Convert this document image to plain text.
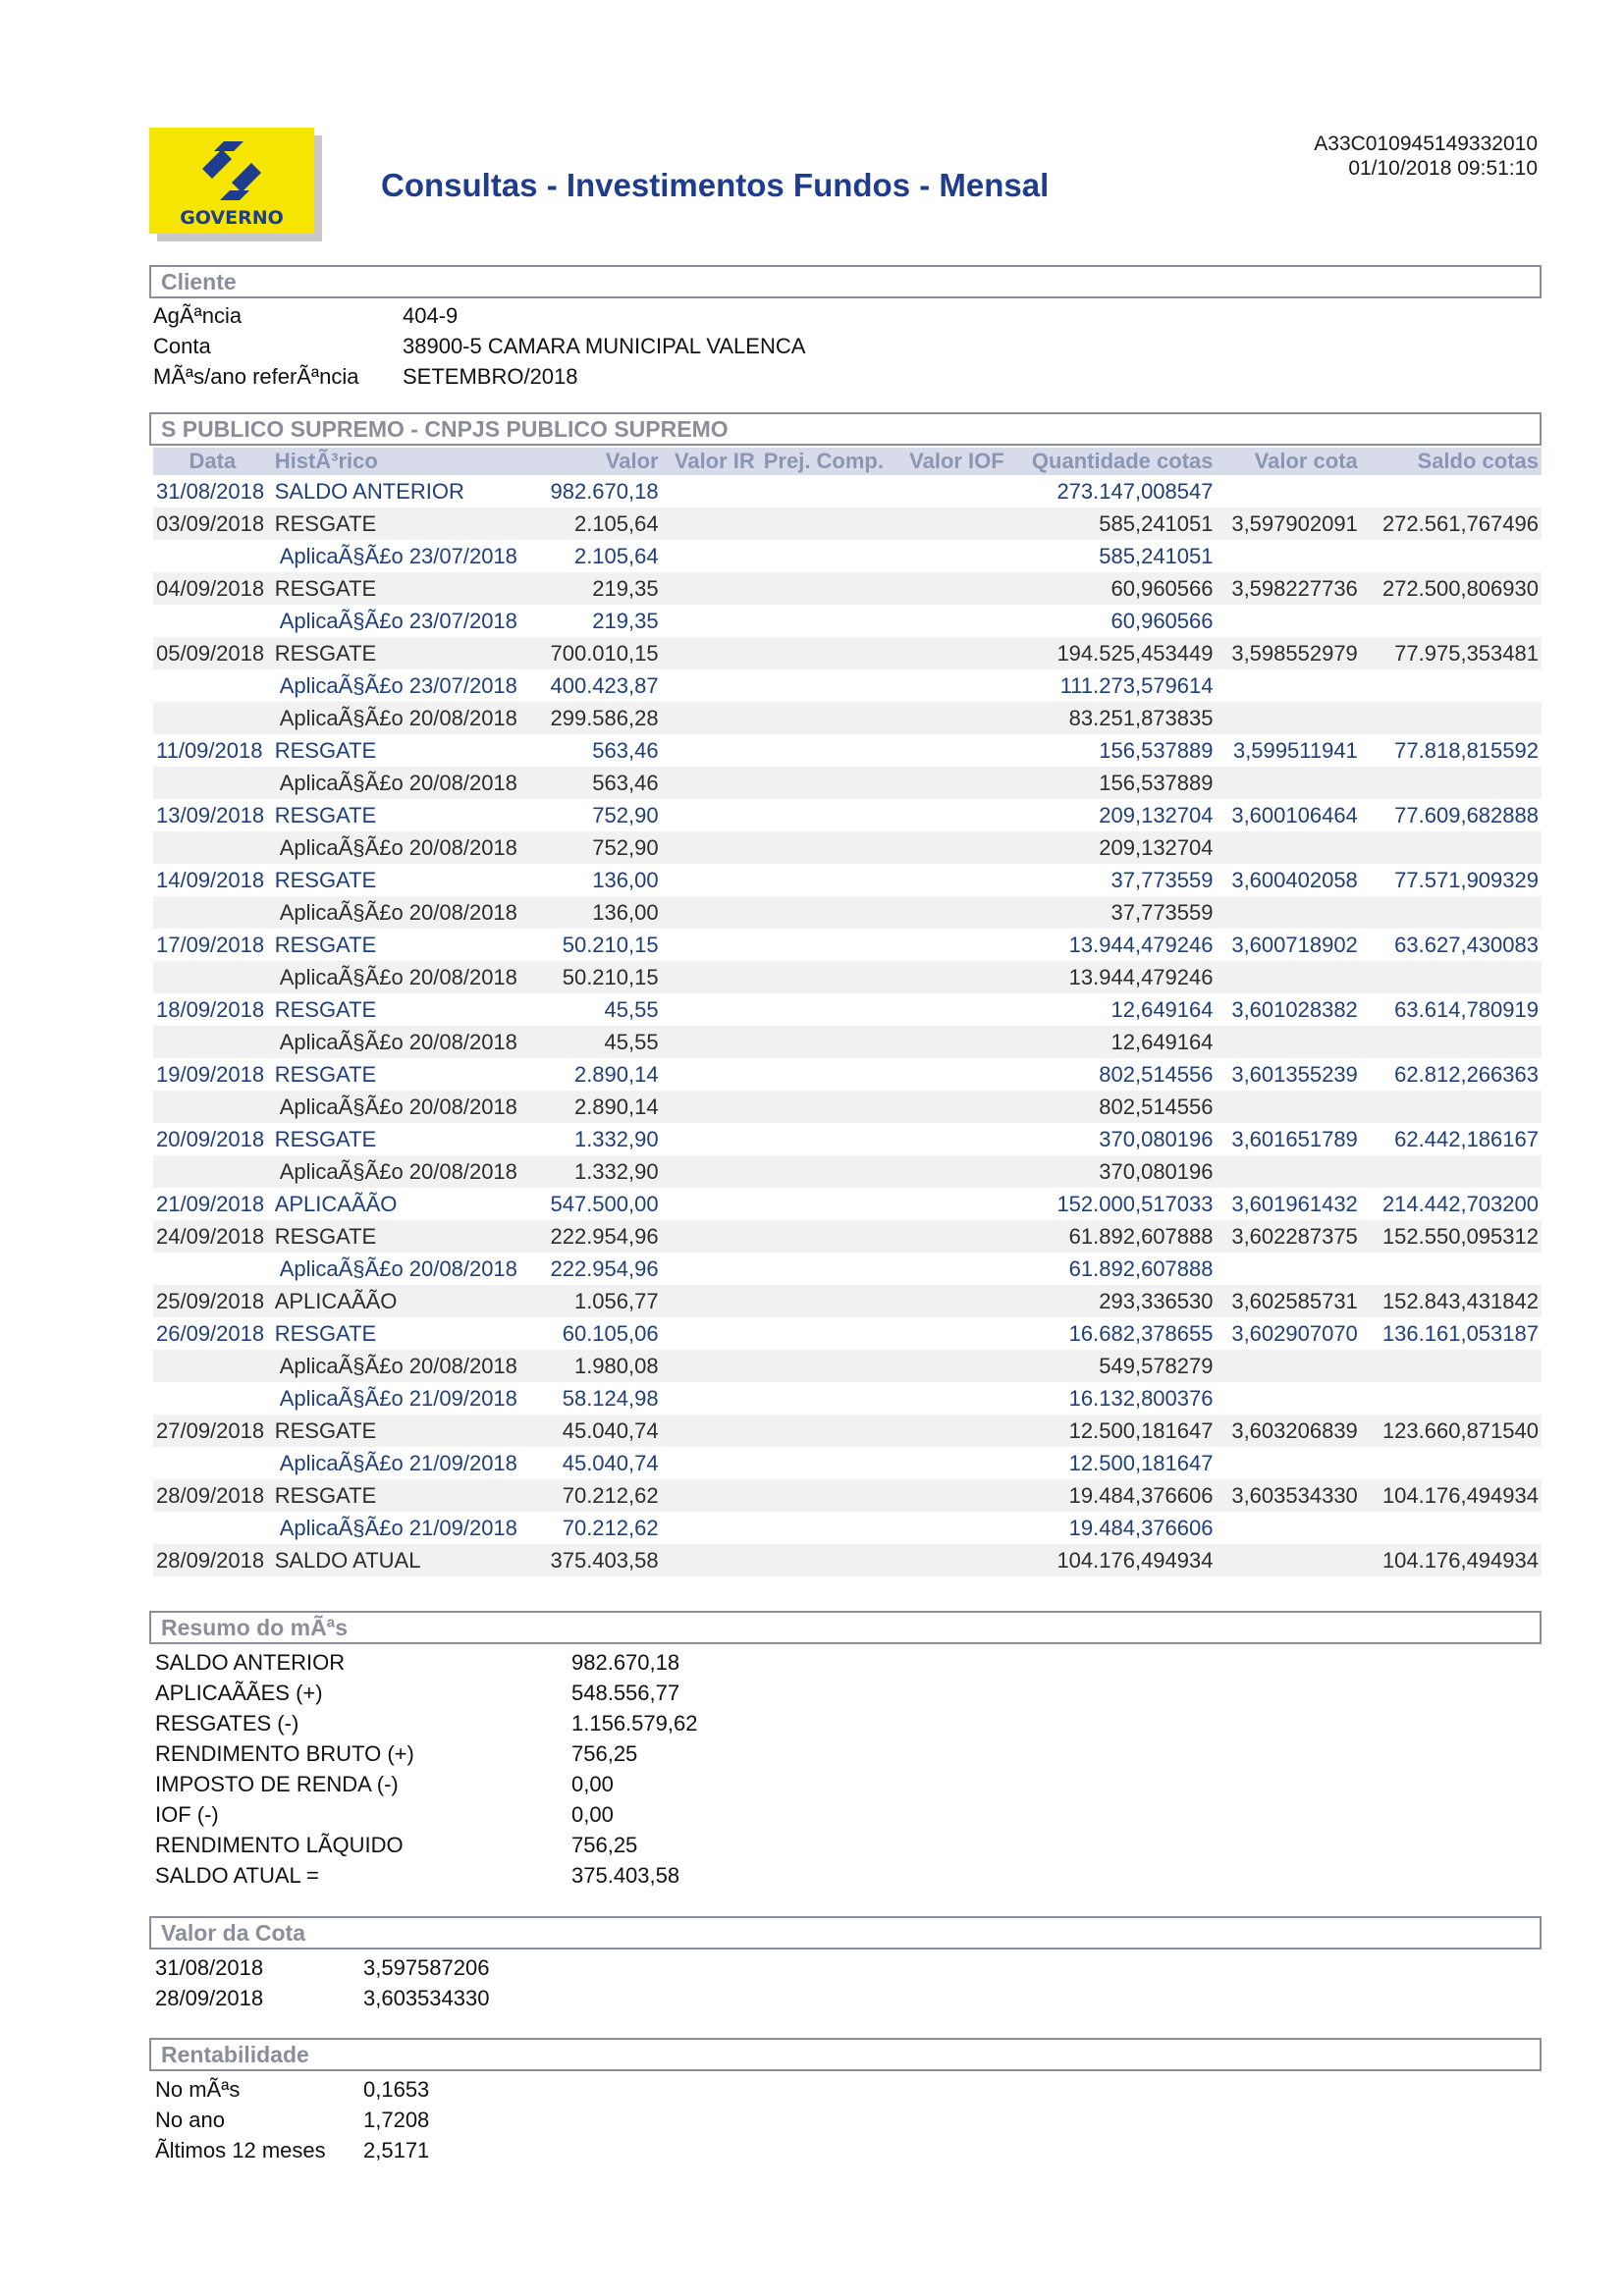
GOVERNO
Consultas - Investimentos Fundos - Mensal
A33C010945149332010
01/10/2018 09:51:10
Cliente
AgÃªncia	404-9
Conta	38900-5 CAMARA MUNICIPAL VALENCA
MÃªs/ano referÃªncia SETEMBRO/2018
S PUBLICO SUPREMO - CNPJS PUBLICO SUPREMO
Data	HistÃ³rico	Valor	Valor IR	Prej. Comp.	Valor IOF	Quantidade cotas	Valor cota	Saldo cotas
31/08/2018	SALDO ANTERIOR	982.670,18				273.147,008547		
03/09/2018	RESGATE	2.105,64				585,241051	3,597902091	272.561,767496
	AplicaÃ§Ã£o 23/07/2018	2.105,64				585,241051		
04/09/2018	RESGATE	219,35				60,960566	3,598227736	272.500,806930
	AplicaÃ§Ã£o 23/07/2018	219,35				60,960566		
05/09/2018	RESGATE	700.010,15				194.525,453449	3,598552979	77.975,353481
	AplicaÃ§Ã£o 23/07/2018	400.423,87				111.273,579614		
	AplicaÃ§Ã£o 20/08/2018	299.586,28				83.251,873835		
11/09/2018	RESGATE	563,46				156,537889	3,599511941	77.818,815592
	AplicaÃ§Ã£o 20/08/2018	563,46				156,537889		
13/09/2018	RESGATE	752,90				209,132704	3,600106464	77.609,682888
	AplicaÃ§Ã£o 20/08/2018	752,90				209,132704		
14/09/2018	RESGATE	136,00				37,773559	3,600402058	77.571,909329
	AplicaÃ§Ã£o 20/08/2018	136,00				37,773559		
17/09/2018	RESGATE	50.210,15				13.944,479246	3,600718902	63.627,430083
	AplicaÃ§Ã£o 20/08/2018	50.210,15				13.944,479246		
18/09/2018	RESGATE	45,55				12,649164	3,601028382	63.614,780919
	AplicaÃ§Ã£o 20/08/2018	45,55				12,649164		
19/09/2018	RESGATE	2.890,14				802,514556	3,601355239	62.812,266363
	AplicaÃ§Ã£o 20/08/2018	2.890,14				802,514556		
20/09/2018	RESGATE	1.332,90				370,080196	3,601651789	62.442,186167
	AplicaÃ§Ã£o 20/08/2018	1.332,90				370,080196		
21/09/2018	APLICAÃÃO	547.500,00				152.000,517033	3,601961432	214.442,703200
24/09/2018	RESGATE	222.954,96				61.892,607888	3,602287375	152.550,095312
	AplicaÃ§Ã£o 20/08/2018	222.954,96				61.892,607888		
25/09/2018	APLICAÃÃO	1.056,77				293,336530	3,602585731	152.843,431842
26/09/2018	RESGATE	60.105,06				16.682,378655	3,602907070	136.161,053187
	AplicaÃ§Ã£o 20/08/2018	1.980,08				549,578279		
	AplicaÃ§Ã£o 21/09/2018	58.124,98				16.132,800376		
27/09/2018	RESGATE	45.040,74				12.500,181647	3,603206839	123.660,871540
	AplicaÃ§Ã£o 21/09/2018	45.040,74				12.500,181647		
28/09/2018	RESGATE	70.212,62				19.484,376606	3,603534330	104.176,494934
	AplicaÃ§Ã£o 21/09/2018	70.212,62				19.484,376606		
28/09/2018	SALDO ATUAL	375.403,58				104.176,494934		104.176,494934
Resumo do mÃªs
SALDO ANTERIOR	982.670,18
APLICAÃÃES (+)	548.556,77
RESGATES (-)	1.156.579,62
RENDIMENTO BRUTO (+)	756,25
IMPOSTO DE RENDA (-)	0,00
IOF (-)	0,00
RENDIMENTO LÃQUIDO	756,25
SALDO ATUAL =	375.403,58
Valor da Cota
31/08/2018	3,597587206
28/09/2018	3,603534330
Rentabilidade
No mÃªs	0,1653
No ano	1,7208
Ãltimos 12 meses 2,5171
